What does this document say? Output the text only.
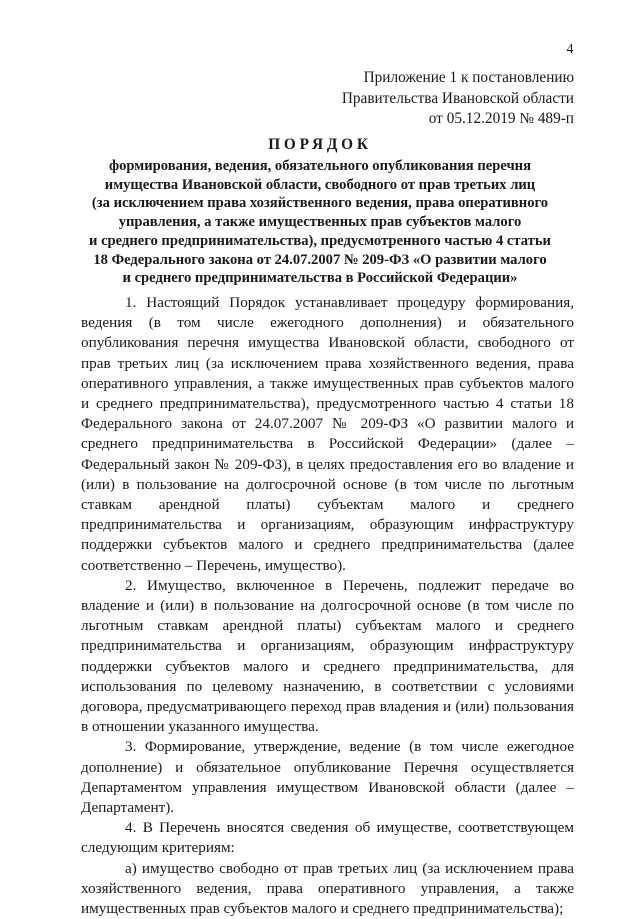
4
Приложение 1 к постановлению
Правительства Ивановской области
от 05.12.2019 № 489-п
ПОРЯДОК
формирования, ведения, обязательного опубликования перечня
имущества Ивановской области, свободного от прав третьих лиц
(за исключением права хозяйственного ведения, права оперативного
управления, а также имущественных прав субъектов малого
и среднего предпринимательства), предусмотренного частью 4 статьи
18 Федерального закона от 24.07.2007 № 209-ФЗ «О развитии малого
и среднего предпринимательства в Российской Федерации»

1. Настоящий Порядок устанавливает процедуру формирования, ведения (в том числе ежегодного дополнения) и обязательного опубликования перечня имущества Ивановской области, свободного от прав третьих лиц (за исключением права хозяйственного ведения, права оперативного управления, а также имущественных прав субъектов малого и среднего предпринимательства), предусмотренного частью 4 статьи 18 Федерального закона от 24.07.2007 № 209-ФЗ «О развитии малого и среднего предпринимательства в Российской Федерации» (далее – Федеральный закон № 209-ФЗ), в целях предоставления его во владение и (или) в пользование на долгосрочной основе (в том числе по льготным ставкам арендной платы) субъектам малого и среднего предпринимательства и организациям, образующим инфраструктуру поддержки субъектов малого и среднего предпринимательства (далее соответственно – Перечень, имущество).

2. Имущество, включенное в Перечень, подлежит передаче во владение и (или) в пользование на долгосрочной основе (в том числе по льготным ставкам арендной платы) субъектам малого и среднего предпринимательства и организациям, образующим инфраструктуру поддержки субъектов малого и среднего предпринимательства, для использования по целевому назначению, в соответствии с условиями договора, предусматривающего переход прав владения и (или) пользования в отношении указанного имущества.

3. Формирование, утверждение, ведение (в том числе ежегодное дополнение) и обязательное опубликование Перечня осуществляется Департаментом управления имуществом Ивановской области (далее – Департамент).

4. В Перечень вносятся сведения об имуществе, соответствующем следующим критериям:

а) имущество свободно от прав третьих лиц (за исключением права хозяйственного ведения, права оперативного управления, а также имущественных прав субъектов малого и среднего предпринимательства);
